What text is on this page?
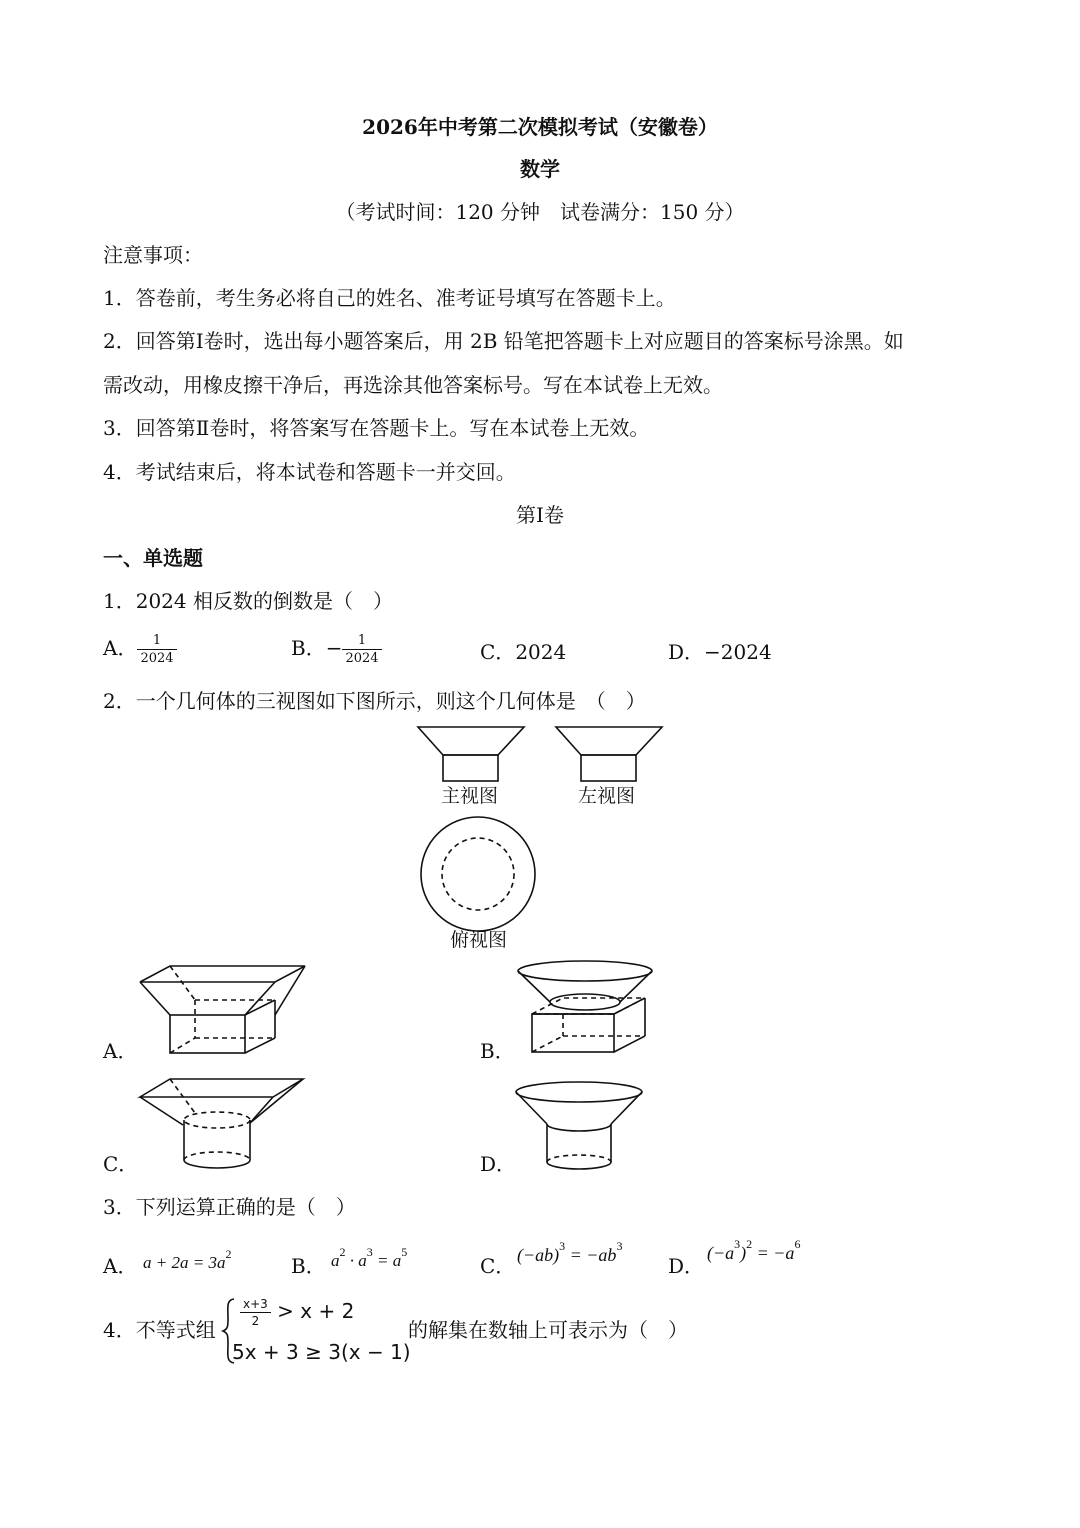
2026年中考第二次模拟考试（安徽卷）
数学
（考试时间：120 分钟　试卷满分：150 分）
注意事项：
1．答卷前，考生务必将自己的姓名、准考证号填写在答题卡上。
2．回答第Ⅰ卷时，选出每小题答案后，用 2B 铅笔把答题卡上对应题目的答案标号涂黑。如
需改动，用橡皮擦干净后，再选涂其他答案标号。写在本试卷上无效。
3．回答第Ⅱ卷时，将答案写在答题卡上。写在本试卷上无效。
4．考试结束后，将本试卷和答题卡一并交回。
第Ⅰ卷
一、单选题
1．2024 相反数的倒数是（　）
A． $\frac{1}{2024}$	B．− $\frac{1}{2024}$	C．2024	D．−2024
2．一个几何体的三视图如下图所示，则这个几何体是　（　）
主视图	左视图
俯视图
A．	B．
C．	D．
3．下列运算正确的是（　）
A． $a + 2a = 3a^2$	B． $a^2 \cdot a^3 = a^5$
C． $(-ab)^3 = -ab^3$
D．
$(-a^3)^2 = -a^6$
4．不等式组
$\frac{x+3}{2} > x + 2$
5x + 3 ≥ 3(x − 1)
的解集在数轴上可表示为（　）
